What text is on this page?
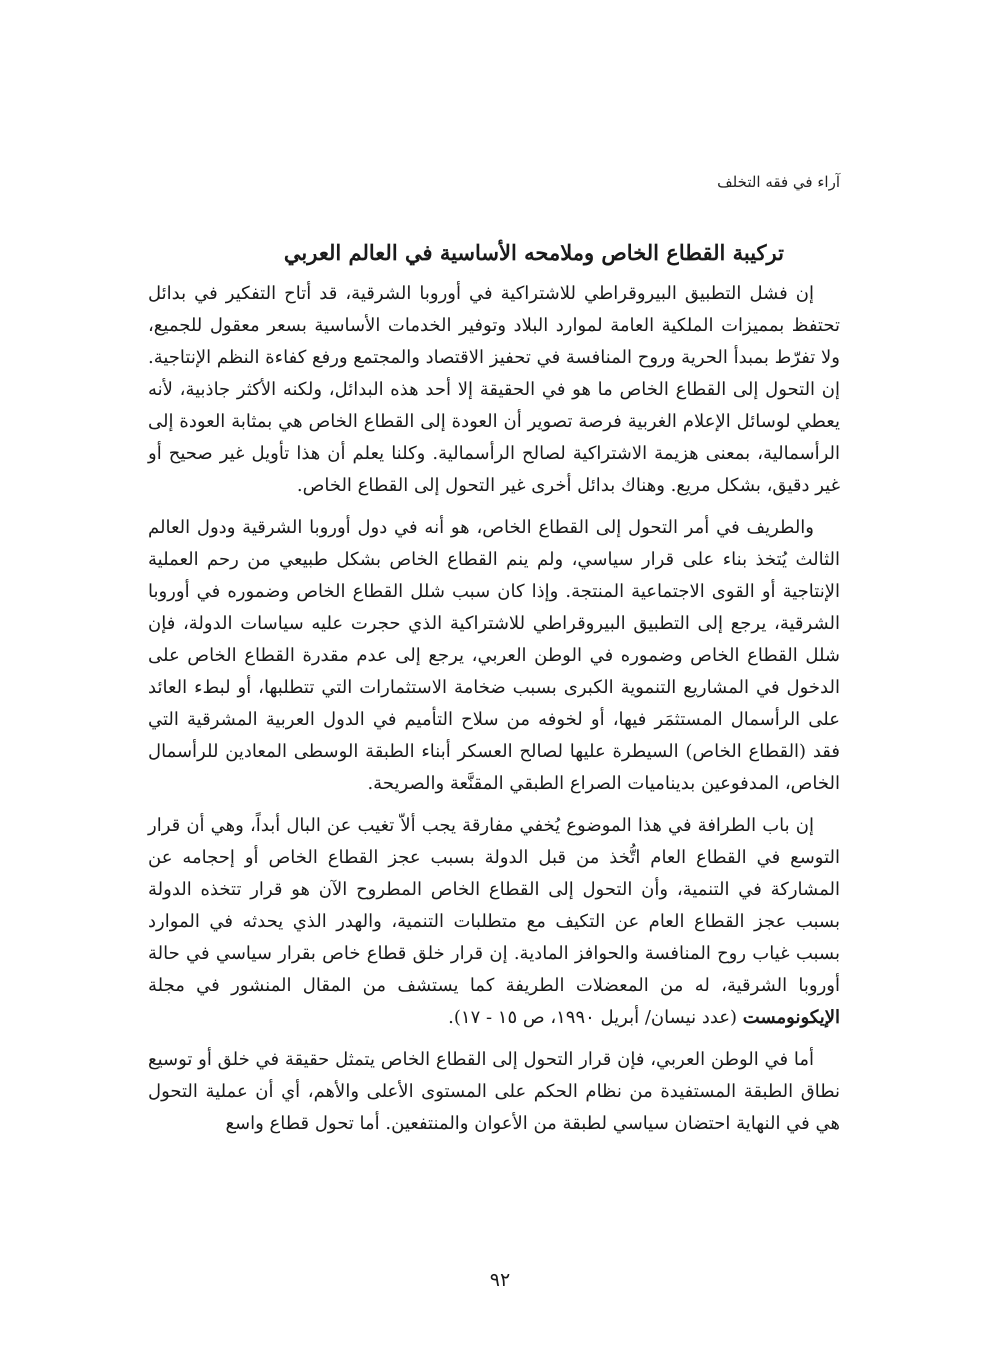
آراء في فقه التخلف

تركيبة القطاع الخاص وملامحه الأساسية في العالم العربي

إن فشل التطبيق البيروقراطي للاشتراكية في أوروبا الشرقية، قد أتاح التفكير في بدائل تحتفظ بمميزات الملكية العامة لموارد البلاد وتوفير الخدمات الأساسية بسعر معقول للجميع، ولا تفرّط بمبدأ الحرية وروح المنافسة في تحفيز الاقتصاد والمجتمع ورفع كفاءة النظم الإنتاجية. إن التحول إلى القطاع الخاص ما هو في الحقيقة إلا أحد هذه البدائل، ولكنه الأكثر جاذبية، لأنه يعطي لوسائل الإعلام الغربية فرصة تصوير أن العودة إلى القطاع الخاص هي بمثابة العودة إلى الرأسمالية، بمعنى هزيمة الاشتراكية لصالح الرأسمالية. وكلنا يعلم أن هذا تأويل غير صحيح أو غير دقيق، بشكل مريع. وهناك بدائل أخرى غير التحول إلى القطاع الخاص.

والطريف في أمر التحول إلى القطاع الخاص، هو أنه في دول أوروبا الشرقية ودول العالم الثالث يُتخذ بناء على قرار سياسي، ولم ينم القطاع الخاص بشكل طبيعي من رحم العملية الإنتاجية أو القوى الاجتماعية المنتجة. وإذا كان سبب شلل القطاع الخاص وضموره في أوروبا الشرقية، يرجع إلى التطبيق البيروقراطي للاشتراكية الذي حجرت عليه سياسات الدولة، فإن شلل القطاع الخاص وضموره في الوطن العربي، يرجع إلى عدم مقدرة القطاع الخاص على الدخول في المشاريع التنموية الكبرى بسبب ضخامة الاستثمارات التي تتطلبها، أو لبطء العائد على الرأسمال المستثمَر فيها، أو لخوفه من سلاح التأميم في الدول العربية المشرقية التي فقد (القطاع الخاص) السيطرة عليها لصالح العسكر أبناء الطبقة الوسطى المعادين للرأسمال الخاص، المدفوعين بديناميات الصراع الطبقي المقنَّعة والصريحة.

إن باب الطرافة في هذا الموضوع يُخفي مفارقة يجب ألاّ تغيب عن البال أبداً، وهي أن قرار التوسع في القطاع العام اتُّخذ من قبل الدولة بسبب عجز القطاع الخاص أو إحجامه عن المشاركة في التنمية، وأن التحول إلى القطاع الخاص المطروح الآن هو قرار تتخذه الدولة بسبب عجز القطاع العام عن التكيف مع متطلبات التنمية، والهدر الذي يحدثه في الموارد بسبب غياب روح المنافسة والحوافز المادية. إن قرار خلق قطاع خاص بقرار سياسي في حالة أوروبا الشرقية، له من المعضلات الطريفة كما يستشف من المقال المنشور في مجلة الإيكونومست (عدد نيسان/ أبريل ١٩٩٠، ص ١٥ - ١٧).

أما في الوطن العربي، فإن قرار التحول إلى القطاع الخاص يتمثل حقيقة في خلق أو توسيع نطاق الطبقة المستفيدة من نظام الحكم على المستوى الأعلى والأهم، أي أن عملية التحول هي في النهاية احتضان سياسي لطبقة من الأعوان والمنتفعين. أما تحول قطاع واسع

٩٢
